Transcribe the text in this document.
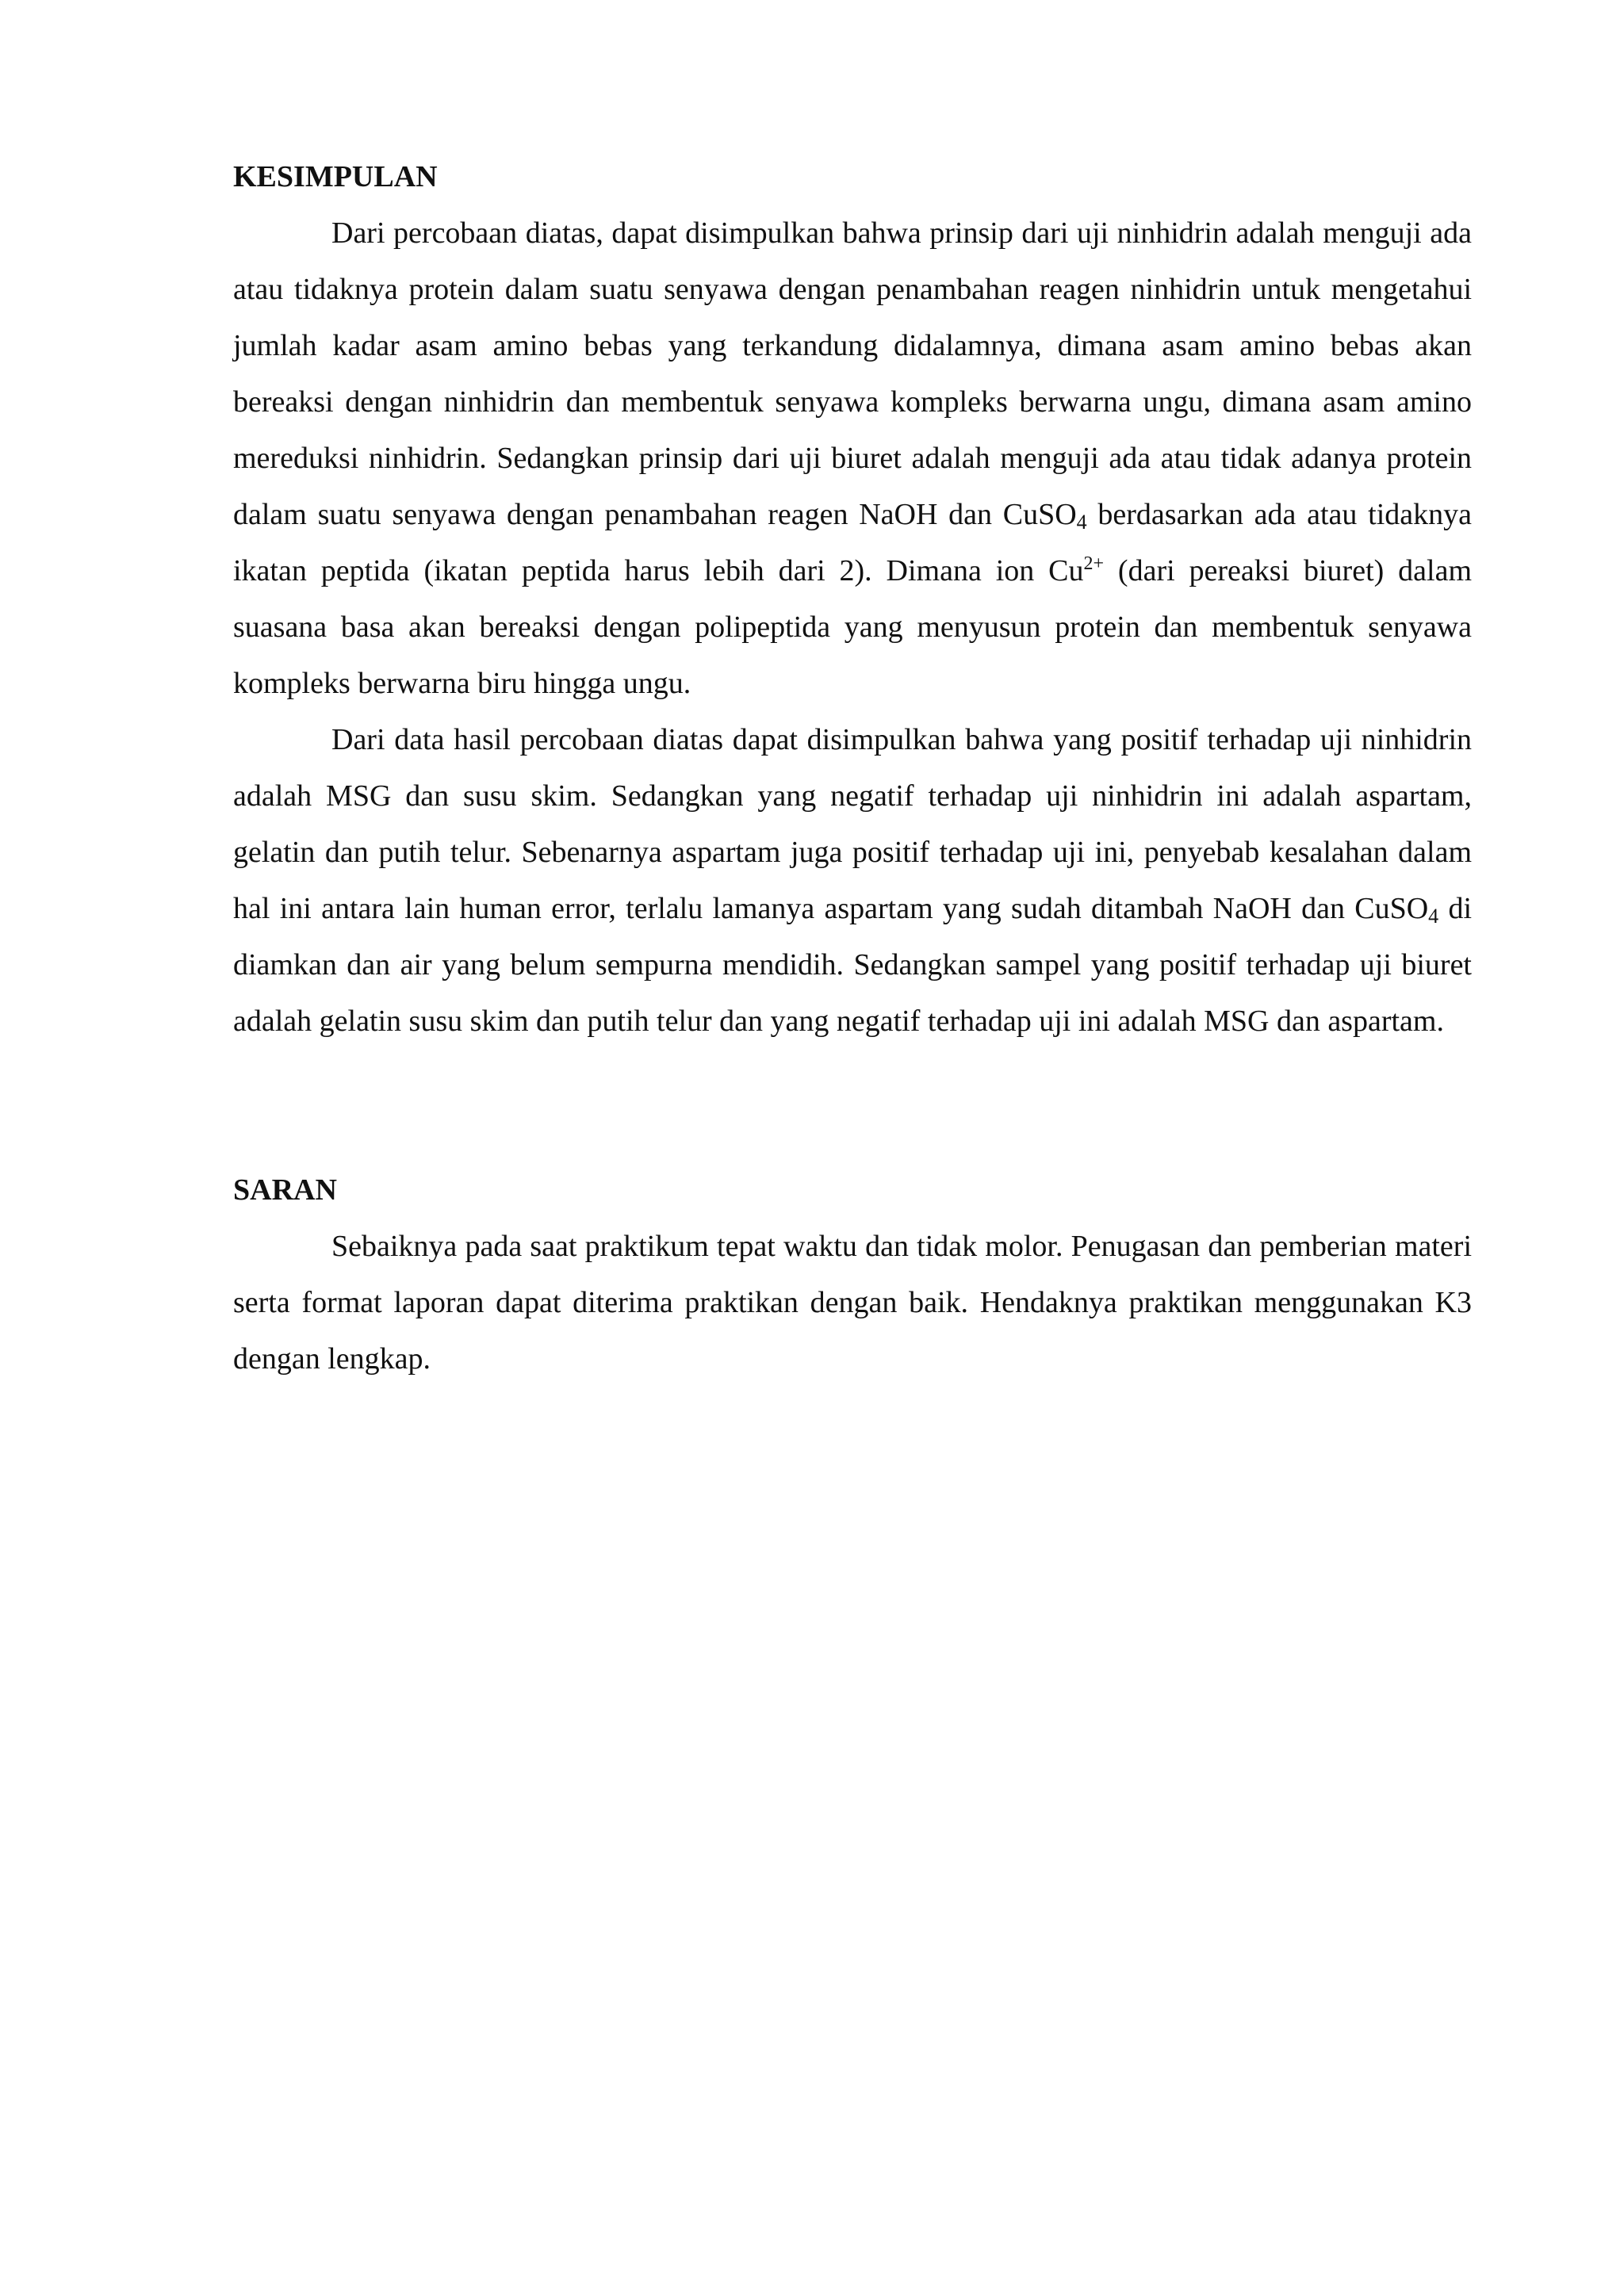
KESIMPULAN

Dari percobaan diatas, dapat disimpulkan bahwa prinsip dari uji ninhidrin adalah menguji ada atau tidaknya protein dalam suatu senyawa dengan penambahan reagen ninhidrin untuk mengetahui jumlah kadar asam amino bebas yang terkandung didalamnya, dimana asam amino bebas akan bereaksi dengan ninhidrin dan membentuk senyawa kompleks berwarna ungu, dimana asam amino mereduksi ninhidrin. Sedangkan prinsip dari uji biuret adalah menguji ada atau tidak adanya protein dalam suatu senyawa dengan penambahan reagen NaOH dan CuSO$_4$ berdasarkan ada atau tidaknya ikatan peptida (ikatan peptida harus lebih dari 2). Dimana ion $Cu^{2+}$ (dari pereaksi biuret) dalam suasana basa akan bereaksi dengan polipeptida yang menyusun protein dan membentuk senyawa kompleks berwarna biru hingga ungu.

Dari data hasil percobaan diatas dapat disimpulkan bahwa yang positif terhadap uji ninhidrin adalah MSG dan susu skim. Sedangkan yang negatif terhadap uji ninhidrin ini adalah aspartam, gelatin dan putih telur. Sebenarnya aspartam juga positif terhadap uji ini, penyebab kesalahan dalam hal ini antara lain human error, terlalu lamanya aspartam yang sudah ditambah NaOH dan CuSO$_4$ di diamkan dan air yang belum sempurna mendidih. Sedangkan sampel yang positif terhadap uji biuret adalah gelatin susu skim dan putih telur dan yang negatif terhadap uji ini adalah MSG dan aspartam.

SARAN

Sebaiknya pada saat praktikum tepat waktu dan tidak molor. Penugasan dan pemberian materi serta format laporan dapat diterima praktikan dengan baik. Hendaknya praktikan menggunakan K3 dengan lengkap.
